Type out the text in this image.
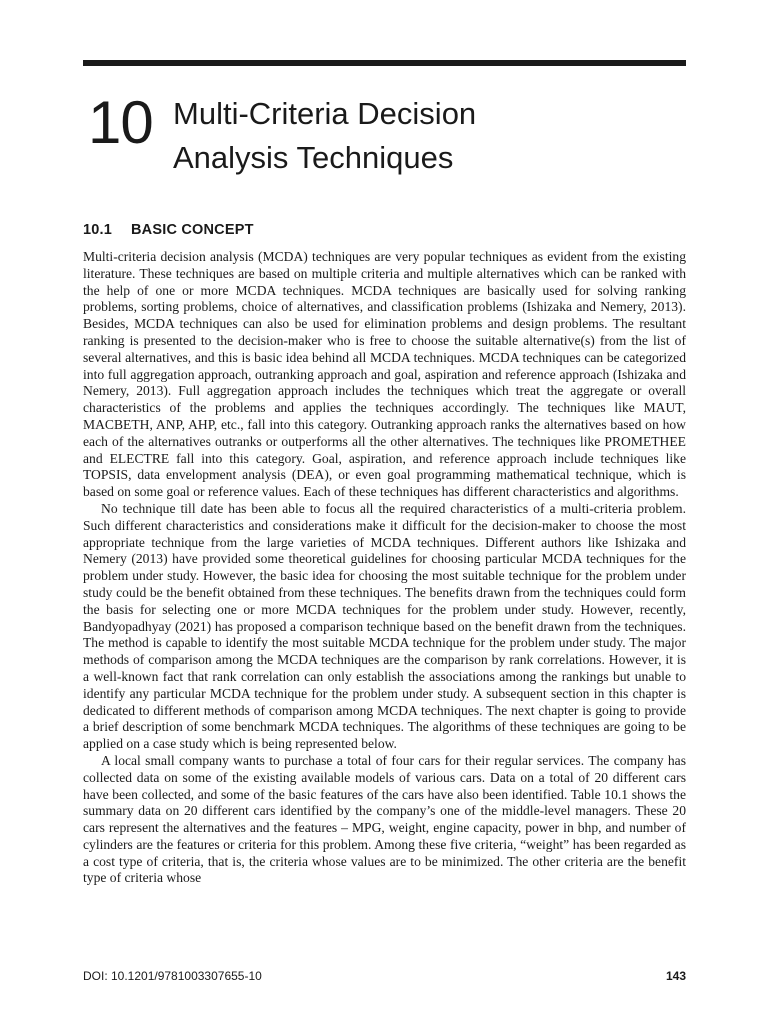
10 Multi-Criteria Decision
Analysis Techniques
10.1 BASIC CONCEPT

Multi-criteria decision analysis (MCDA) techniques are very popular techniques as evident from the existing literature. These techniques are based on multiple criteria and multiple alternatives which can be ranked with the help of one or more MCDA techniques. MCDA techniques are basically used for solving ranking problems, sorting problems, choice of alternatives, and classification problems (Ishizaka and Nemery, 2013). Besides, MCDA techniques can also be used for elimination problems and design problems. The resultant ranking is presented to the decision-maker who is free to choose the suitable alternative(s) from the list of several alternatives, and this is basic idea behind all MCDA techniques. MCDA techniques can be categorized into full aggregation approach, outranking approach and goal, aspiration and reference approach (Ishizaka and Nemery, 2013). Full aggregation approach includes the techniques which treat the aggregate or overall characteristics of the problems and applies the techniques accordingly. The techniques like MAUT, MACBETH, ANP, AHP, etc., fall into this category. Outranking approach ranks the alternatives based on how each of the alternatives outranks or outperforms all the other alternatives. The techniques like PROMETHEE and ELECTRE fall into this category. Goal, aspiration, and reference approach include techniques like TOPSIS, data envelopment analysis (DEA), or even goal programming mathematical technique, which is based on some goal or reference values. Each of these techniques has different characteristics and algorithms.

No technique till date has been able to focus all the required characteristics of a multi-criteria problem. Such different characteristics and considerations make it difficult for the decision-maker to choose the most appropriate technique from the large varieties of MCDA techniques. Different authors like Ishizaka and Nemery (2013) have provided some theoretical guidelines for choosing particular MCDA techniques for the problem under study. However, the basic idea for choosing the most suitable technique for the problem under study could be the benefit obtained from these techniques. The benefits drawn from the techniques could form the basis for selecting one or more MCDA techniques for the problem under study. However, recently, Bandyopadhyay (2021) has proposed a comparison technique based on the benefit drawn from the techniques. The method is capable to identify the most suitable MCDA technique for the problem under study. The major methods of comparison among the MCDA techniques are the comparison by rank correlations. However, it is a well-known fact that rank correlation can only establish the associations among the rankings but unable to identify any particular MCDA technique for the problem under study. A subsequent section in this chapter is dedicated to different methods of comparison among MCDA techniques. The next chapter is going to provide a brief description of some benchmark MCDA techniques. The algorithms of these techniques are going to be applied on a case study which is being represented below.

A local small company wants to purchase a total of four cars for their regular services. The company has collected data on some of the existing available models of various cars. Data on a total of 20 different cars have been collected, and some of the basic features of the cars have also been identified. Table 10.1 shows the summary data on 20 different cars identified by the company’s one of the middle-level managers. These 20 cars represent the alternatives and the features – MPG, weight, engine capacity, power in bhp, and number of cylinders are the features or criteria for this problem. Among these five criteria, “weight” has been regarded as a cost type of criteria, that is, the criteria whose values are to be minimized. The other criteria are the benefit type of criteria whose

DOI: 10.1201/9781003307655-10	143
